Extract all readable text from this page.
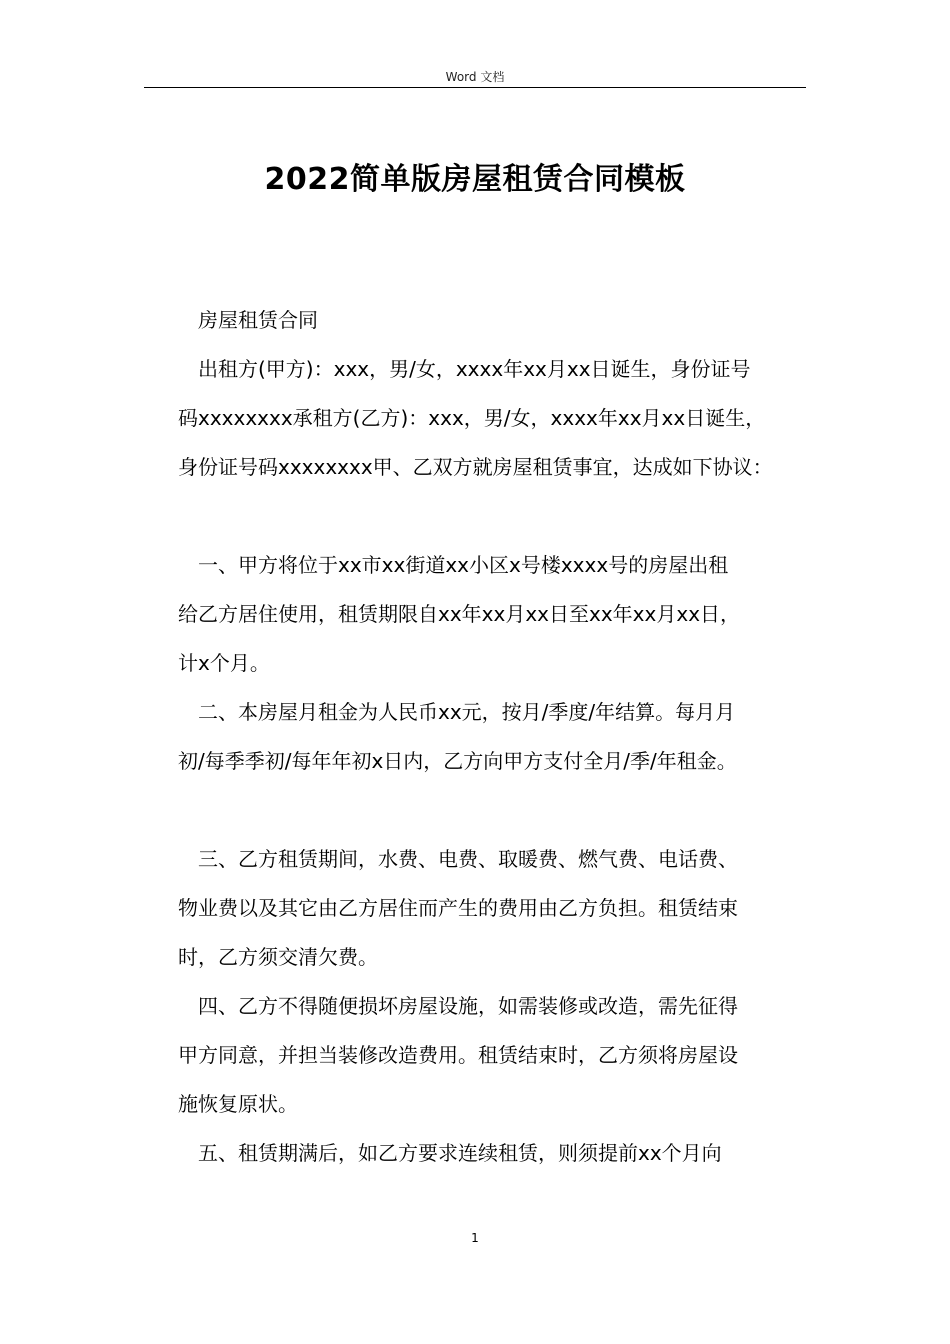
Word 文档
2022简单版房屋租赁合同模板

房屋租赁合同

出租方(甲方)：xxx，男/女，xxxx年xx月xx日诞生，身份证号

码xxxxxxxx承租方(乙方)：xxx，男/女，xxxx年xx月xx日诞生，

身份证号码xxxxxxxx甲、乙双方就房屋租赁事宜，达成如下协议：

一、甲方将位于xx市xx街道xx小区x号楼xxxx号的房屋出租

给乙方居住使用，租赁期限自xx年xx月xx日至xx年xx月xx日，

计x个月。

二、本房屋月租金为人民币xx元，按月/季度/年结算。每月月

初/每季季初/每年年初x日内，乙方向甲方支付全月/季/年租金。

三、乙方租赁期间，水费、电费、取暖费、燃气费、电话费、

物业费以及其它由乙方居住而产生的费用由乙方负担。租赁结束

时，乙方须交清欠费。

四、乙方不得随便损坏房屋设施，如需装修或改造，需先征得

甲方同意，并担当装修改造费用。租赁结束时，乙方须将房屋设

施恢复原状。

五、租赁期满后，如乙方要求连续租赁，则须提前xx个月向

1
